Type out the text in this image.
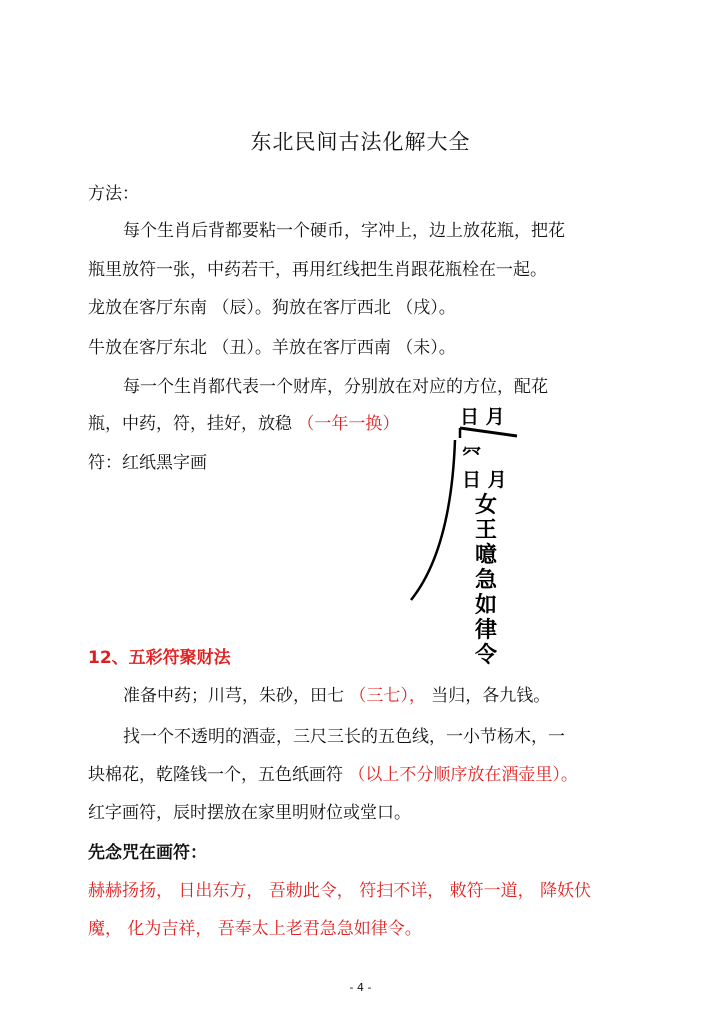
东北民间古法化解大全
方法：
每个生肖后背都要粘一个硬币，字冲上，边上放花瓶，把花
瓶里放符一张，中药若干，再用红线把生肖跟花瓶栓在一起。
龙放在客厅东南 （辰）。狗放在客厅西北 （戌）。
牛放在客厅东北 （丑）。羊放在客厅西南 （未）。
每一个生肖都代表一个财库，分别放在对应的方位，配花
瓶，中药，符，挂好，放稳 （一年一换）
符：红纸黑字画
日 月
㓁
日 月
女
王
噫
急
如
律
令
12、五彩符聚财法
准备中药；川芎，朱砂，田七 （三七）， 当归，各九钱。
找一个不透明的酒壶，三尺三长的五色线，一小节杨木，一
块棉花，乾隆钱一个，五色纸画符 （以上不分顺序放在酒壶里）。
红字画符，辰时摆放在家里明财位或堂口。
先念咒在画符：
赫赫扬扬， 日出东方， 吾勅此令， 符扫不详， 敕符一道， 降妖伏
魔， 化为吉祥， 吾奉太上老君急急如律令。
- 4 -
